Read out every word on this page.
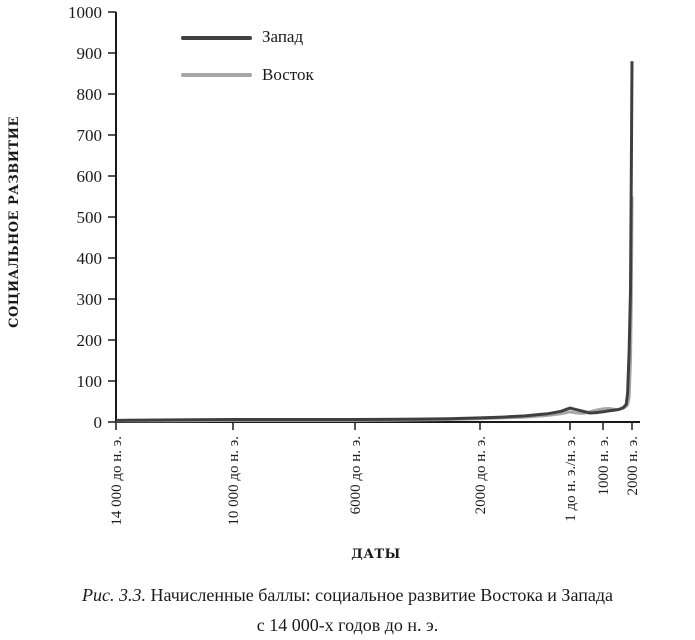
0
100
200
300
400
500
600
700
800
900
1000
14 000 до н. э.	10 000 до н. э.	6000 до н. э.	2000 до н. э.	1 до н. э./н. э. 1000 н. э. 2000 н. э.
Запад
Восток
СОЦИАЛЬНОЕ РАЗВИТИЕ
ДАТЫ
Рис. 3.3. Начисленные баллы: социальное развитие Востока и Запада
с 14 000-х годов до н. э.
